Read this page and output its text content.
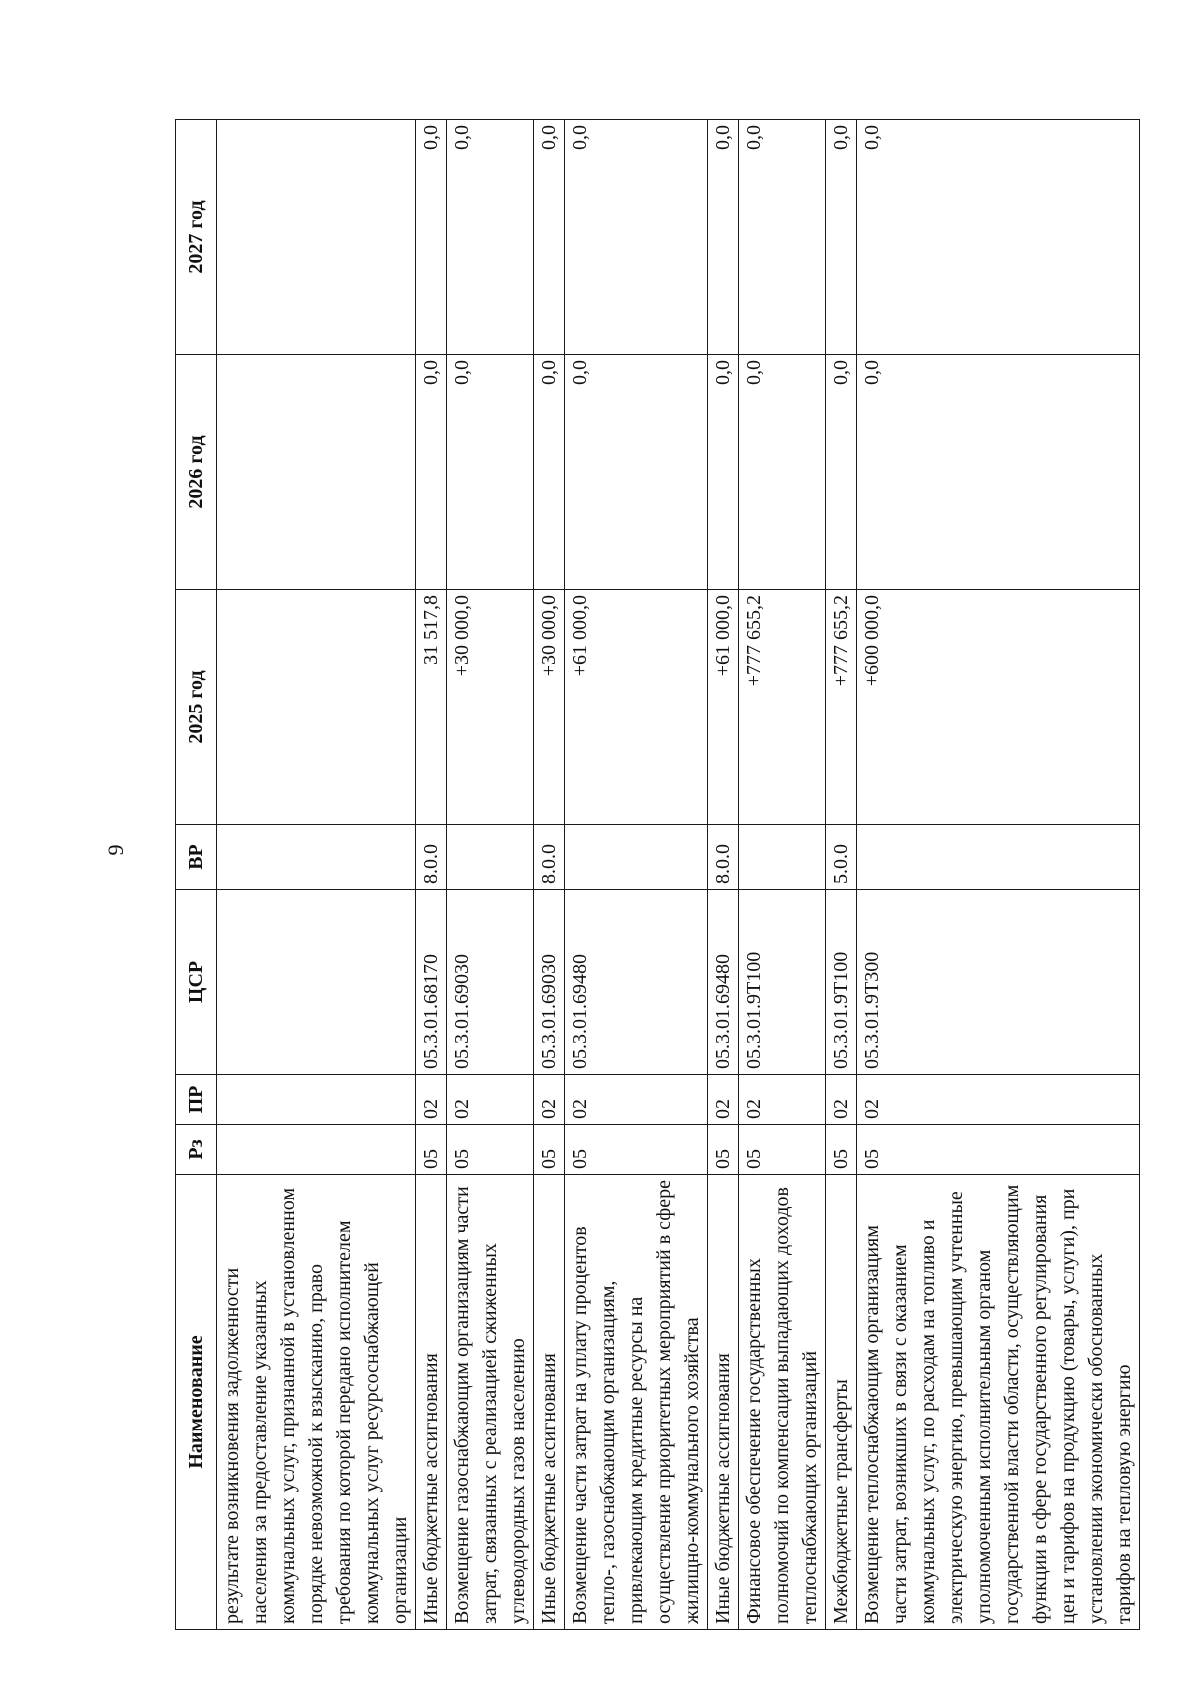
9
Наименование	Рз	ПР	ЦСР	ВР	2025 год	2026 год	2027 год
результате возникновения задолженности населения за предоставление указанных коммунальных услуг, признанной в установленном порядке невозможной к взысканию, право требования по которой передано исполнителем коммунальных услуг ресурсоснабжающей организации							
Иные бюджетные ассигнования	05	02	05.3.01.68170	8.0.0	31 517,8	0,0	0,0
Возмещение газоснабжающим организациям части затрат, связанных с реализацией сжиженных углеводородных газов населению	05	02	05.3.01.69030		+30 000,0	0,0	0,0
Иные бюджетные ассигнования	05	02	05.3.01.69030	8.0.0	+30 000,0	0,0	0,0
Возмещение части затрат на уплату процентов тепло-, газоснабжающим организациям, привлекающим кредитные ресурсы на осуществление приоритетных мероприятий в сфере жилищно-коммунального хозяйства	05	02	05.3.01.69480		+61 000,0	0,0	0,0
Иные бюджетные ассигнования	05	02	05.3.01.69480	8.0.0	+61 000,0	0,0	0,0
Финансовое обеспечение государственных полномочий по компенсации выпадающих доходов теплоснабжающих организаций	05	02	05.3.01.9Т100		+777 655,2	0,0	0,0
Межбюджетные трансферты	05	02	05.3.01.9Т100	5.0.0	+777 655,2	0,0	0,0
Возмещение теплоснабжающим организациям части затрат, возникших в связи с оказанием коммунальных услуг, по расходам на топливо и электрическую энергию, превышающим учтенные уполномоченным исполнительным органом государственной власти области, осуществляющим функции в сфере государственного регулирования цен и тарифов на продукцию (товары, услуги), при установлении экономически обоснованных тарифов на тепловую энергию	05	02	05.3.01.9Т300		+600 000,0	0,0	0,0
